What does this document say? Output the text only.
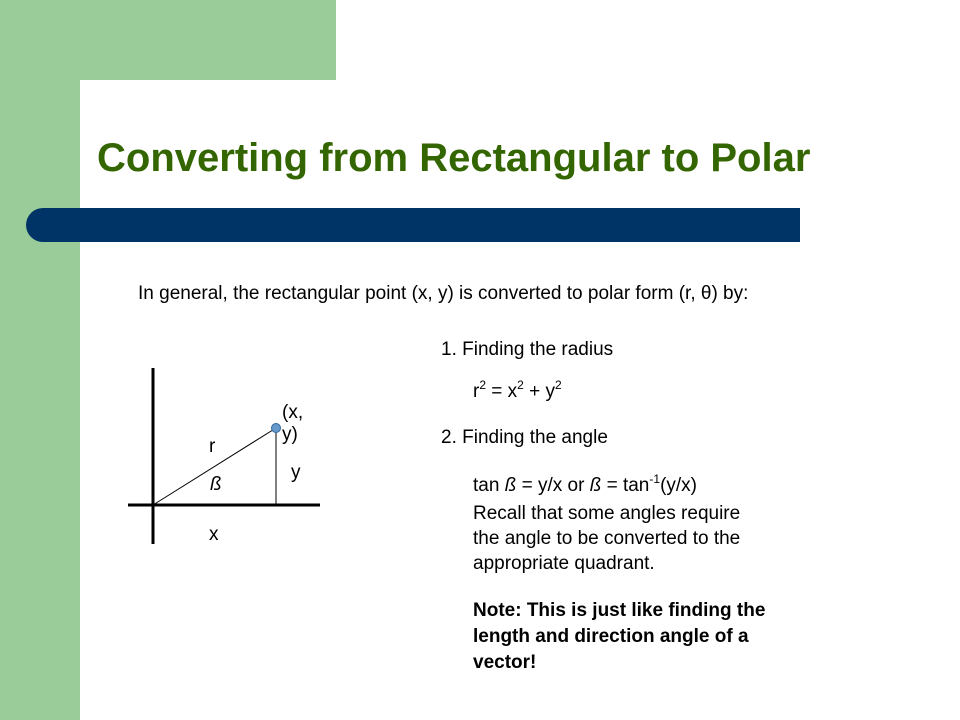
Converting from Rectangular to Polar
In general, the rectangular point (x, y) is converted to polar form (r, θ) by:
1. Finding the radius
$r^2 = x^2 + y^2$
2. Finding the angle
tan ß = y/x or ß = $\tan^{-1}(y/x)$
Recall that some angles require
the angle to be converted to the
appropriate quadrant.
Note: This is just like finding the
length and direction angle of a
vector!
(x, y)
r
ß
y
x
